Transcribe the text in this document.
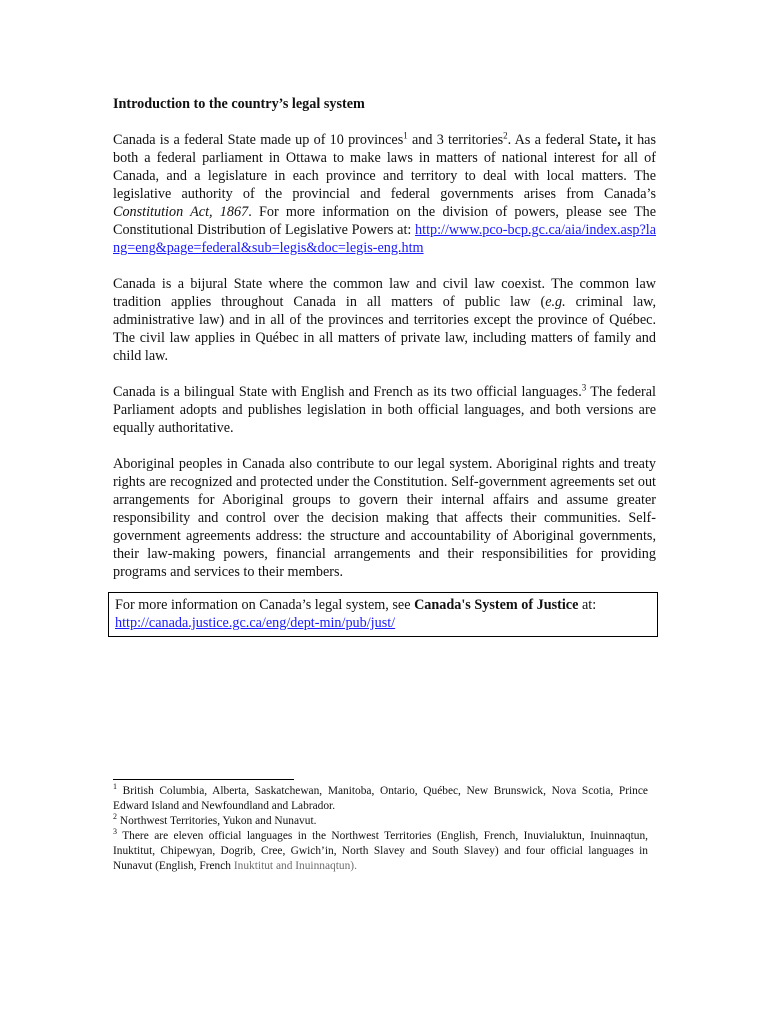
Introduction to the country’s legal system

Canada is a federal State made up of 10 provinces$^1$ and 3 territories$^2$. As a federal State, it has both a federal parliament in Ottawa to make laws in matters of national interest for all of Canada, and a legislature in each province and territory to deal with local matters. The legislative authority of the provincial and federal governments arises from Canada’s Constitution Act, 1867. For more information on the division of powers, please see The Constitutional Distribution of Legislative Powers at: http://www.pco-bcp.gc.ca/aia/index.asp?lang=eng&page=federal&sub=legis&doc=legis-eng.htm

Canada is a bijural State where the common law and civil law coexist. The common law tradition applies throughout Canada in all matters of public law (e.g. criminal law, administrative law) and in all of the provinces and territories except the province of Québec. The civil law applies in Québec in all matters of private law, including matters of family and child law.

Canada is a bilingual State with English and French as its two official languages.$^3$ The federal Parliament adopts and publishes legislation in both official languages, and both versions are equally authoritative.

Aboriginal peoples in Canada also contribute to our legal system. Aboriginal rights and treaty rights are recognized and protected under the Constitution. Self-government agreements set out arrangements for Aboriginal groups to govern their internal affairs and assume greater responsibility and control over the decision making that affects their communities. Self-government agreements address: the structure and accountability of Aboriginal governments, their law-making powers, financial arrangements and their responsibilities for providing programs and services to their members.

For more information on Canada’s legal system, see Canada's System of Justice at:
http://canada.justice.gc.ca/eng/dept-min/pub/just/

$^1$ British Columbia, Alberta, Saskatchewan, Manitoba, Ontario, Québec, New Brunswick, Nova Scotia, Prince Edward Island and Newfoundland and Labrador.

$^2$ Northwest Territories, Yukon and Nunavut.

$^3$ There are eleven official languages in the Northwest Territories (English, French, Inuvialuktun, Inuinnaqtun, Inuktitut, Chipewyan, Dogrib, Cree, Gwich’in, North Slavey and South Slavey) and four official languages in Nunavut (English, French Inuktitut and Inuinnaqtun).
